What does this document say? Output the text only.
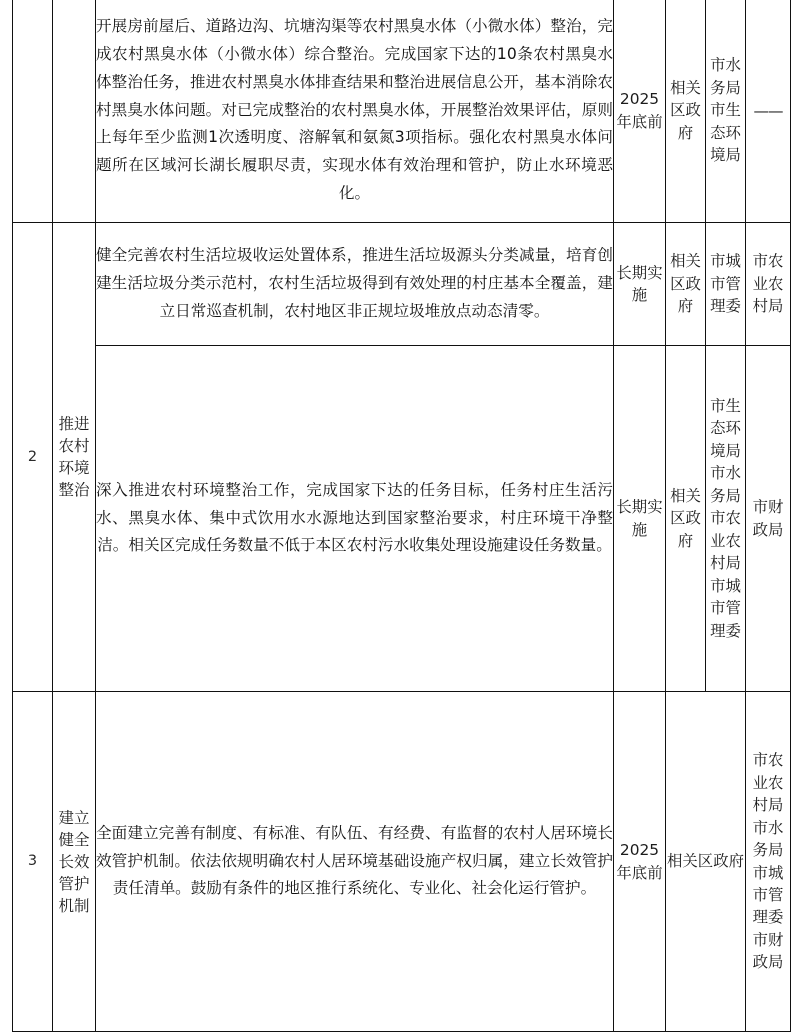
		开展房前屋后、道路边沟、坑塘沟渠等农村黑臭水体（小微水体）整治，完成农村黑臭水体（小微水体）综合整治。完成国家下达的10条农村黑臭水体整治任务，推进农村黑臭水体排查结果和整治进展信息公开，基本消除农村黑臭水体问题。对已完成整治的农村黑臭水体，开展整治效果评估，原则上每年至少监测1次透明度、溶解氧和氨氮3项指标。强化农村黑臭水体问题所在区域河长湖长履职尽责，实现水体有效治理和管护，防止水环境恶化。	2025年底前	相关区政府	市水务局市生态环境局	——
2	推进农村环境整治	健全完善农村生活垃圾收运处置体系，推进生活垃圾源头分类减量，培育创建生活垃圾分类示范村，农村生活垃圾得到有效处理的村庄基本全覆盖，建立日常巡查机制，农村地区非正规垃圾堆放点动态清零。	长期实施	相关区政府	市城市管理委	市农业农村局
		深入推进农村环境整治工作，完成国家下达的任务目标，任务村庄生活污水、黑臭水体、集中式饮用水水源地达到国家整治要求，村庄环境干净整洁。相关区完成任务数量不低于本区农村污水收集处理设施建设任务数量。	长期实施	相关区政府	市生态环境局市水务局市农业农村局市城市管理委	市财政局
3	建立健全长效管护机制	全面建立完善有制度、有标准、有队伍、有经费、有监督的农村人居环境长效管护机制。依法依规明确农村人居环境基础设施产权归属，建立长效管护责任清单。鼓励有条件的地区推行系统化、专业化、社会化运行管护。	2025年底前	相关区政府		市农业农村局市水务局市城市管理委市财政局
